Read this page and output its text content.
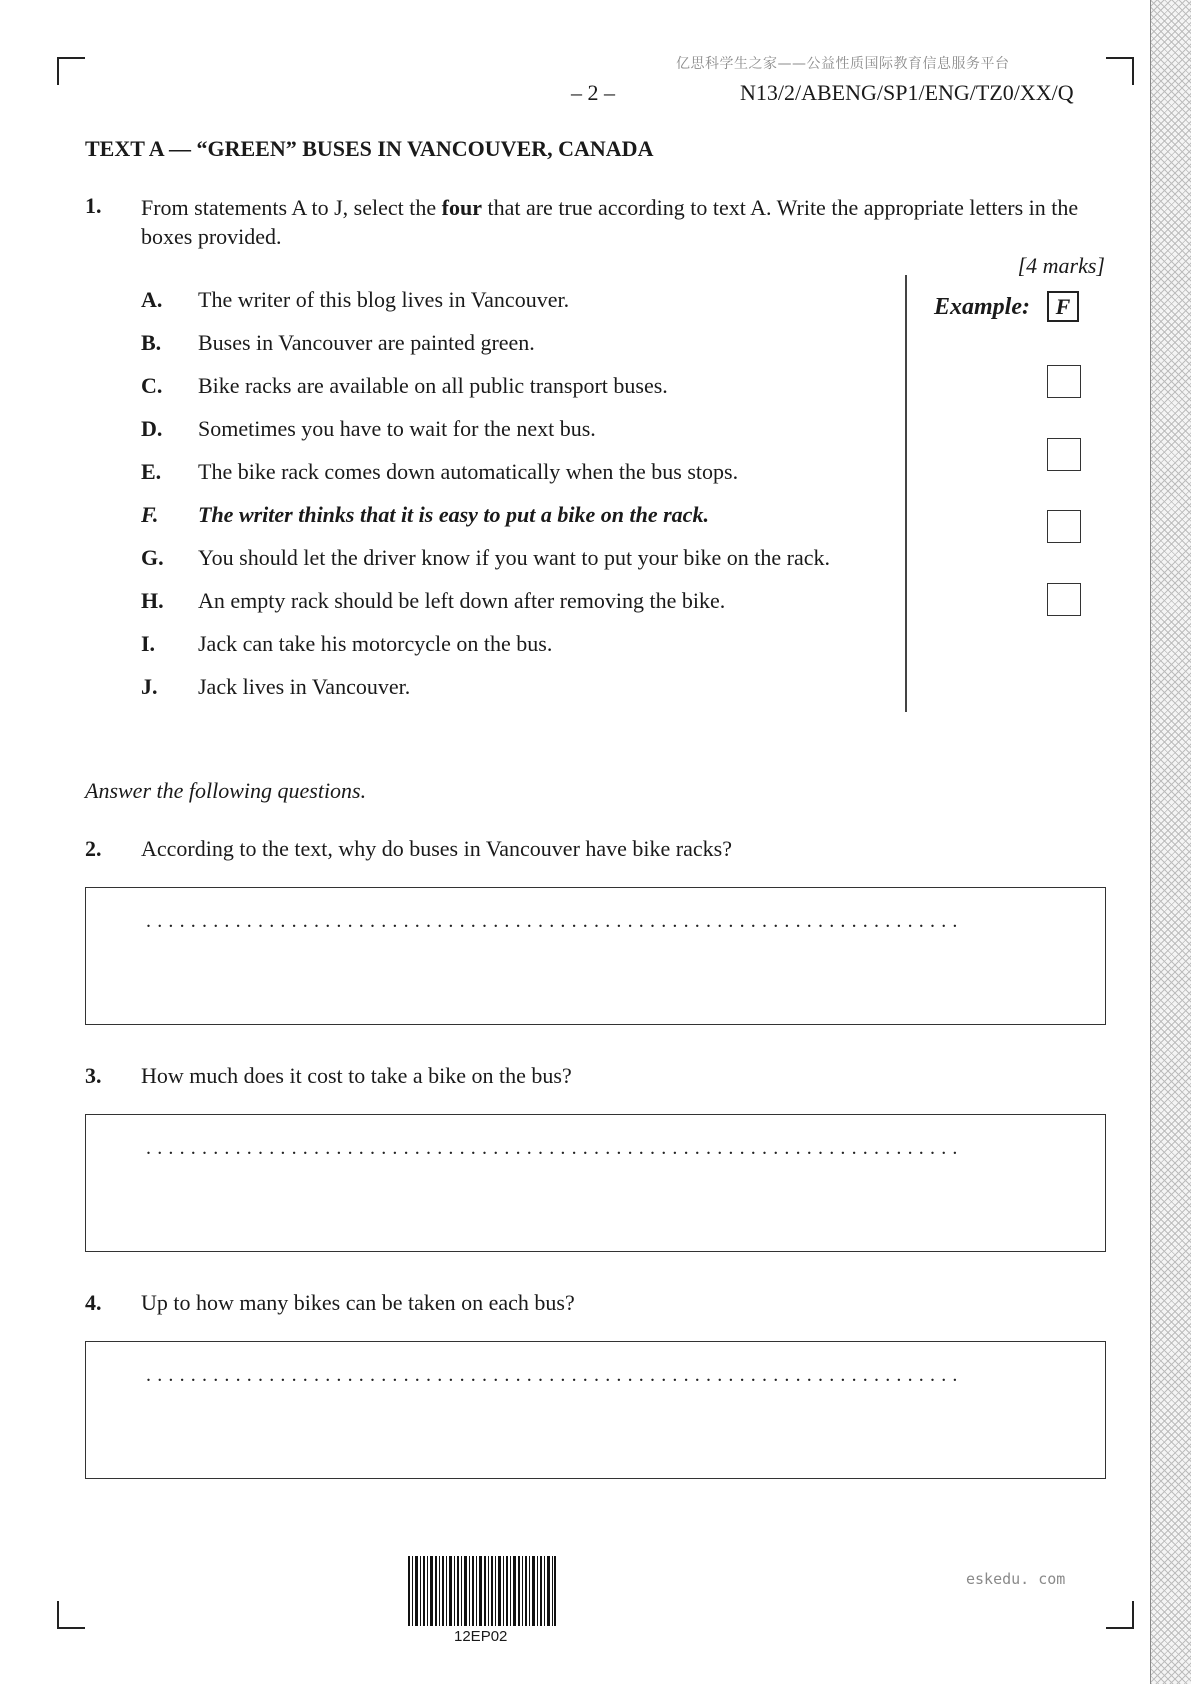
亿思科学生之家——公益性质国际教育信息服务平台
– 2 –	N13/2/ABENG/SP1/ENG/TZ0/XX/Q
TEXT A — “GREEN” BUSES IN VANCOUVER, CANADA
1. From statements A to J, select the four that are true according to text A. Write the appropriate letters in the boxes provided.

[4 marks]
A. The writer of this blog lives in Vancouver.
B. Buses in Vancouver are painted green.
C. Bike racks are available on all public transport buses.
D. Sometimes you have to wait for the next bus.
E. The bike rack comes down automatically when the bus stops.
F. The writer thinks that it is easy to put a bike on the rack.
G. You should let the driver know if you want to put your bike on the rack.
H. An empty rack should be left down after removing the bike.
I. Jack can take his motorcycle on the bus.
J. Jack lives in Vancouver.
Example:	F
Answer the following questions.
2. According to the text, why do buses in Vancouver have bike racks?
.........................................................................
3. How much does it cost to take a bike on the bus?
.........................................................................
4. Up to how many bikes can be taken on each bus?
.........................................................................
12EP02
eskedu. com
